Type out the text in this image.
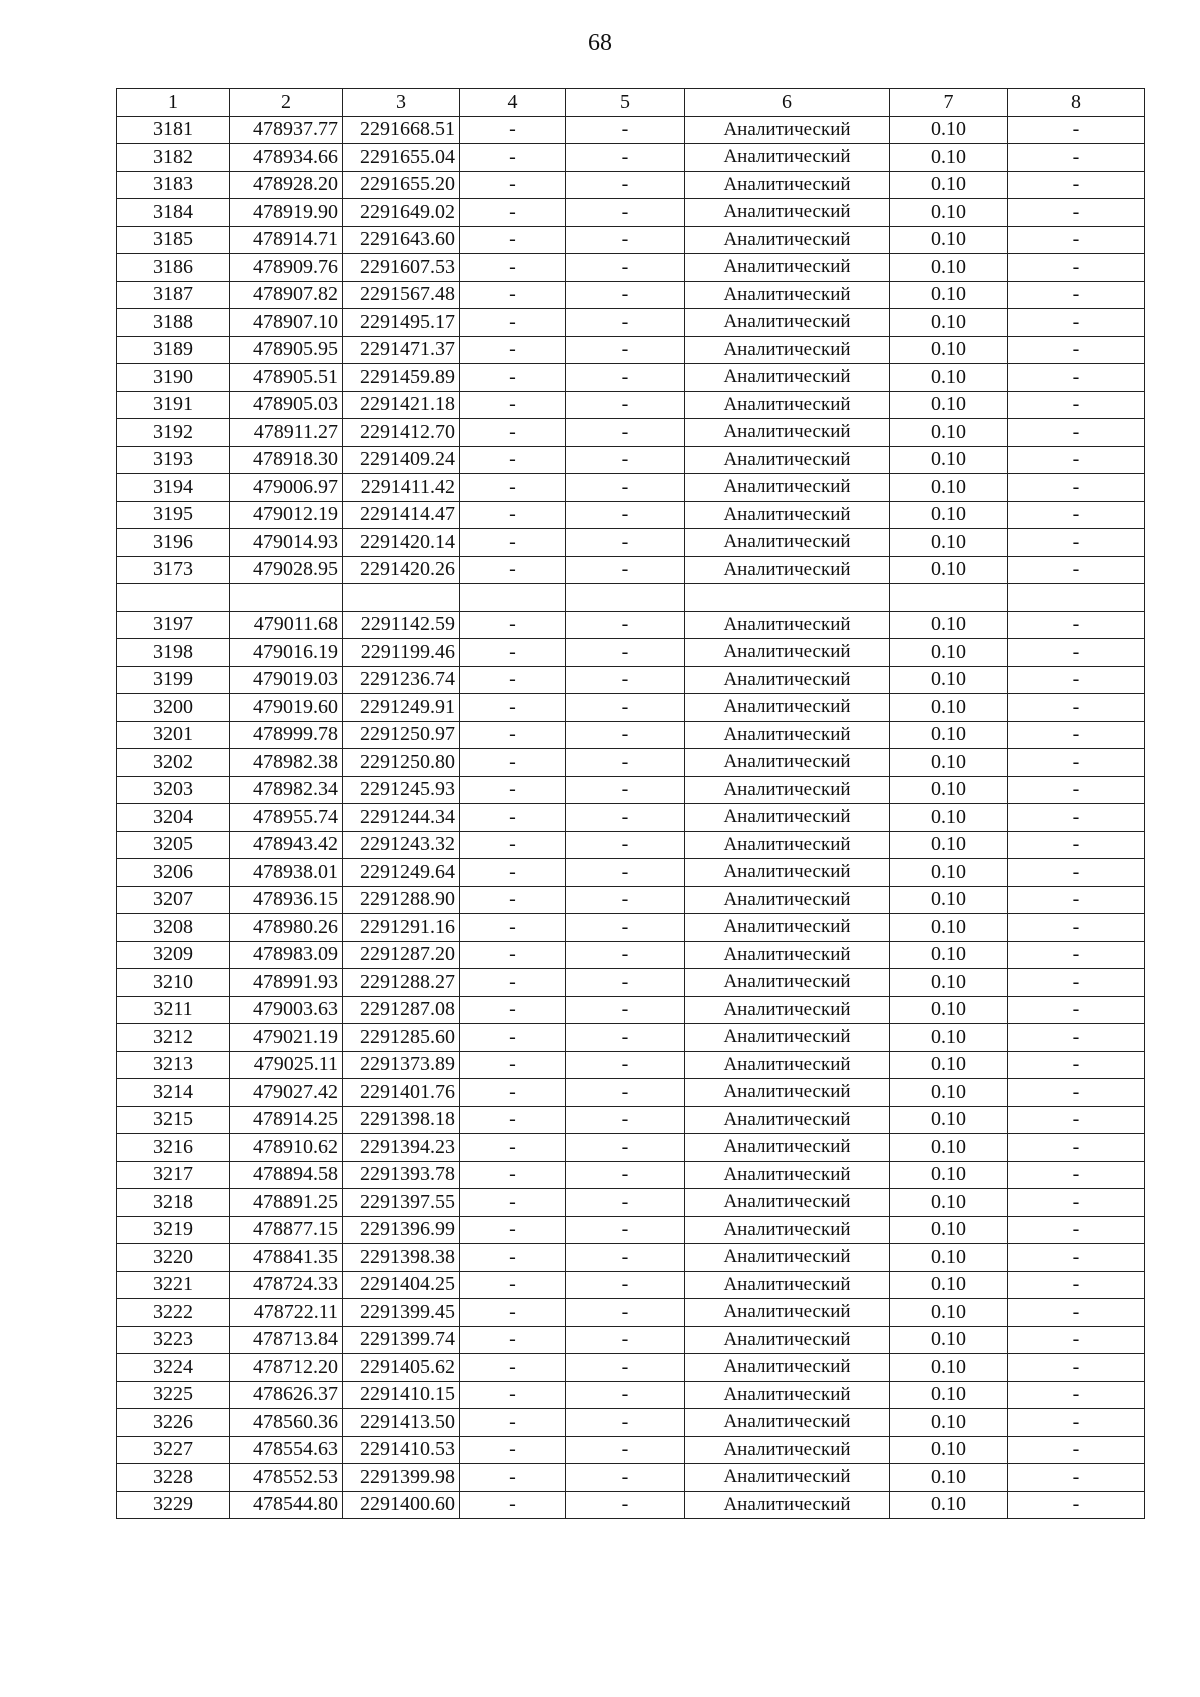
68
1	2	3	4	5	6	7	8
3181	478937.77	2291668.51	-	-	Аналитический	0.10	-
3182	478934.66	2291655.04	-	-	Аналитический	0.10	-
3183	478928.20	2291655.20	-	-	Аналитический	0.10	-
3184	478919.90	2291649.02	-	-	Аналитический	0.10	-
3185	478914.71	2291643.60	-	-	Аналитический	0.10	-
3186	478909.76	2291607.53	-	-	Аналитический	0.10	-
3187	478907.82	2291567.48	-	-	Аналитический	0.10	-
3188	478907.10	2291495.17	-	-	Аналитический	0.10	-
3189	478905.95	2291471.37	-	-	Аналитический	0.10	-
3190	478905.51	2291459.89	-	-	Аналитический	0.10	-
3191	478905.03	2291421.18	-	-	Аналитический	0.10	-
3192	478911.27	2291412.70	-	-	Аналитический	0.10	-
3193	478918.30	2291409.24	-	-	Аналитический	0.10	-
3194	479006.97	2291411.42	-	-	Аналитический	0.10	-
3195	479012.19	2291414.47	-	-	Аналитический	0.10	-
3196	479014.93	2291420.14	-	-	Аналитический	0.10	-
3173	479028.95	2291420.26	-	-	Аналитический	0.10	-

3197	479011.68	2291142.59	-	-	Аналитический	0.10	-
3198	479016.19	2291199.46	-	-	Аналитический	0.10	-
3199	479019.03	2291236.74	-	-	Аналитический	0.10	-
3200	479019.60	2291249.91	-	-	Аналитический	0.10	-
3201	478999.78	2291250.97	-	-	Аналитический	0.10	-
3202	478982.38	2291250.80	-	-	Аналитический	0.10	-
3203	478982.34	2291245.93	-	-	Аналитический	0.10	-
3204	478955.74	2291244.34	-	-	Аналитический	0.10	-
3205	478943.42	2291243.32	-	-	Аналитический	0.10	-
3206	478938.01	2291249.64	-	-	Аналитический	0.10	-
3207	478936.15	2291288.90	-	-	Аналитический	0.10	-
3208	478980.26	2291291.16	-	-	Аналитический	0.10	-
3209	478983.09	2291287.20	-	-	Аналитический	0.10	-
3210	478991.93	2291288.27	-	-	Аналитический	0.10	-
3211	479003.63	2291287.08	-	-	Аналитический	0.10	-
3212	479021.19	2291285.60	-	-	Аналитический	0.10	-
3213	479025.11	2291373.89	-	-	Аналитический	0.10	-
3214	479027.42	2291401.76	-	-	Аналитический	0.10	-
3215	478914.25	2291398.18	-	-	Аналитический	0.10	-
3216	478910.62	2291394.23	-	-	Аналитический	0.10	-
3217	478894.58	2291393.78	-	-	Аналитический	0.10	-
3218	478891.25	2291397.55	-	-	Аналитический	0.10	-
3219	478877.15	2291396.99	-	-	Аналитический	0.10	-
3220	478841.35	2291398.38	-	-	Аналитический	0.10	-
3221	478724.33	2291404.25	-	-	Аналитический	0.10	-
3222	478722.11	2291399.45	-	-	Аналитический	0.10	-
3223	478713.84	2291399.74	-	-	Аналитический	0.10	-
3224	478712.20	2291405.62	-	-	Аналитический	0.10	-
3225	478626.37	2291410.15	-	-	Аналитический	0.10	-
3226	478560.36	2291413.50	-	-	Аналитический	0.10	-
3227	478554.63	2291410.53	-	-	Аналитический	0.10	-
3228	478552.53	2291399.98	-	-	Аналитический	0.10	-
3229	478544.80	2291400.60	-	-	Аналитический	0.10	-
